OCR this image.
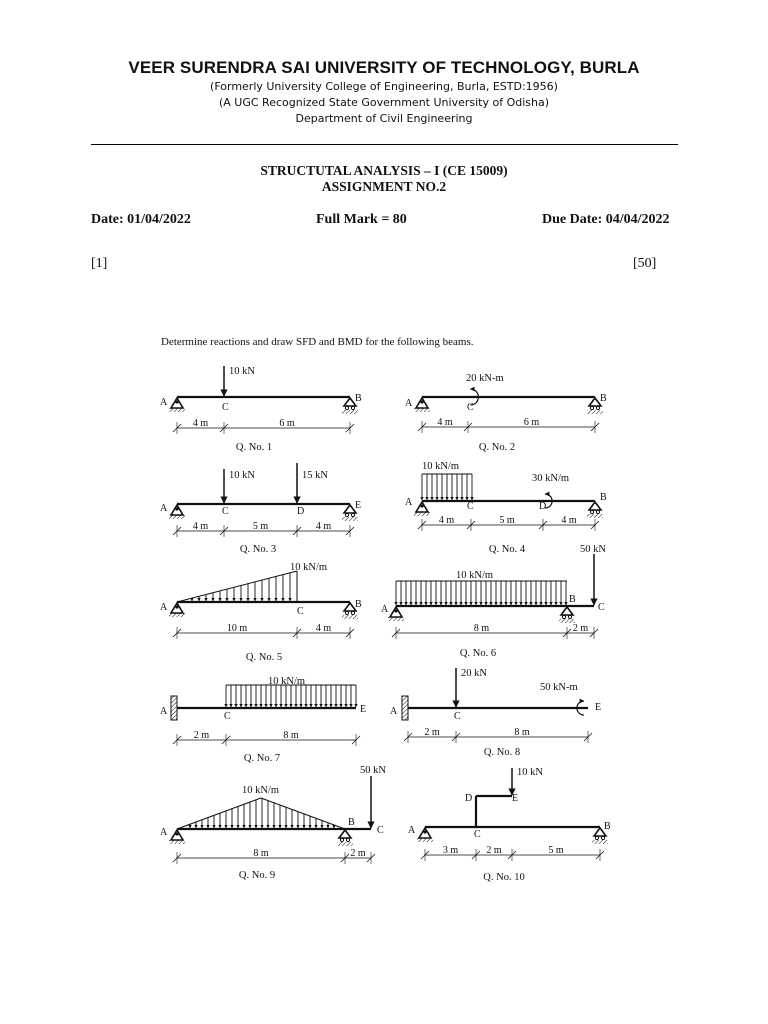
VEER SURENDRA SAI UNIVERSITY OF TECHNOLOGY, BURLA
(Formerly University College of Engineering, Burla, ESTD:1956)
(A UGC Recognized State Government University of Odisha)
Department of Civil Engineering
STRUCTUTAL ANALYSIS – I (CE 15009)
ASSIGNMENT NO.2
Date: 01/04/2022	Full Mark = 80	Due Date: 04/04/2022
[1]	[50]
Determine reactions and draw SFD and BMD for the following beams.
10 kN
A	C
B
4 m	6 m
Q. No. 1
20 kN-m
A	C
B
4 m	6 m
Q. No. 2
10 kN	15 kN
A	C	D
E
4 m	5 m	4 m
Q. No. 3
10 kN/m
30 kN/m
A	C	D
B
4 m	5 m	4 m
Q. No. 4
10 kN/m
A	C
B
10 m	4 m
Q. No. 5
10 kN/m
50 kN
A
B
C
8 m	2 m
Q. No. 6
10 kN/m
A	C
E
2 m	8 m
Q. No. 7
20 kN
50 kN-m
A	C
E
2 m	8 m
Q. No. 8
10 kN/m
50 kN
A
B
C
8 m	2 m
Q. No. 9
10 kN
A	C
D	E
B
3 m	2 m	5 m
Q. No. 10
